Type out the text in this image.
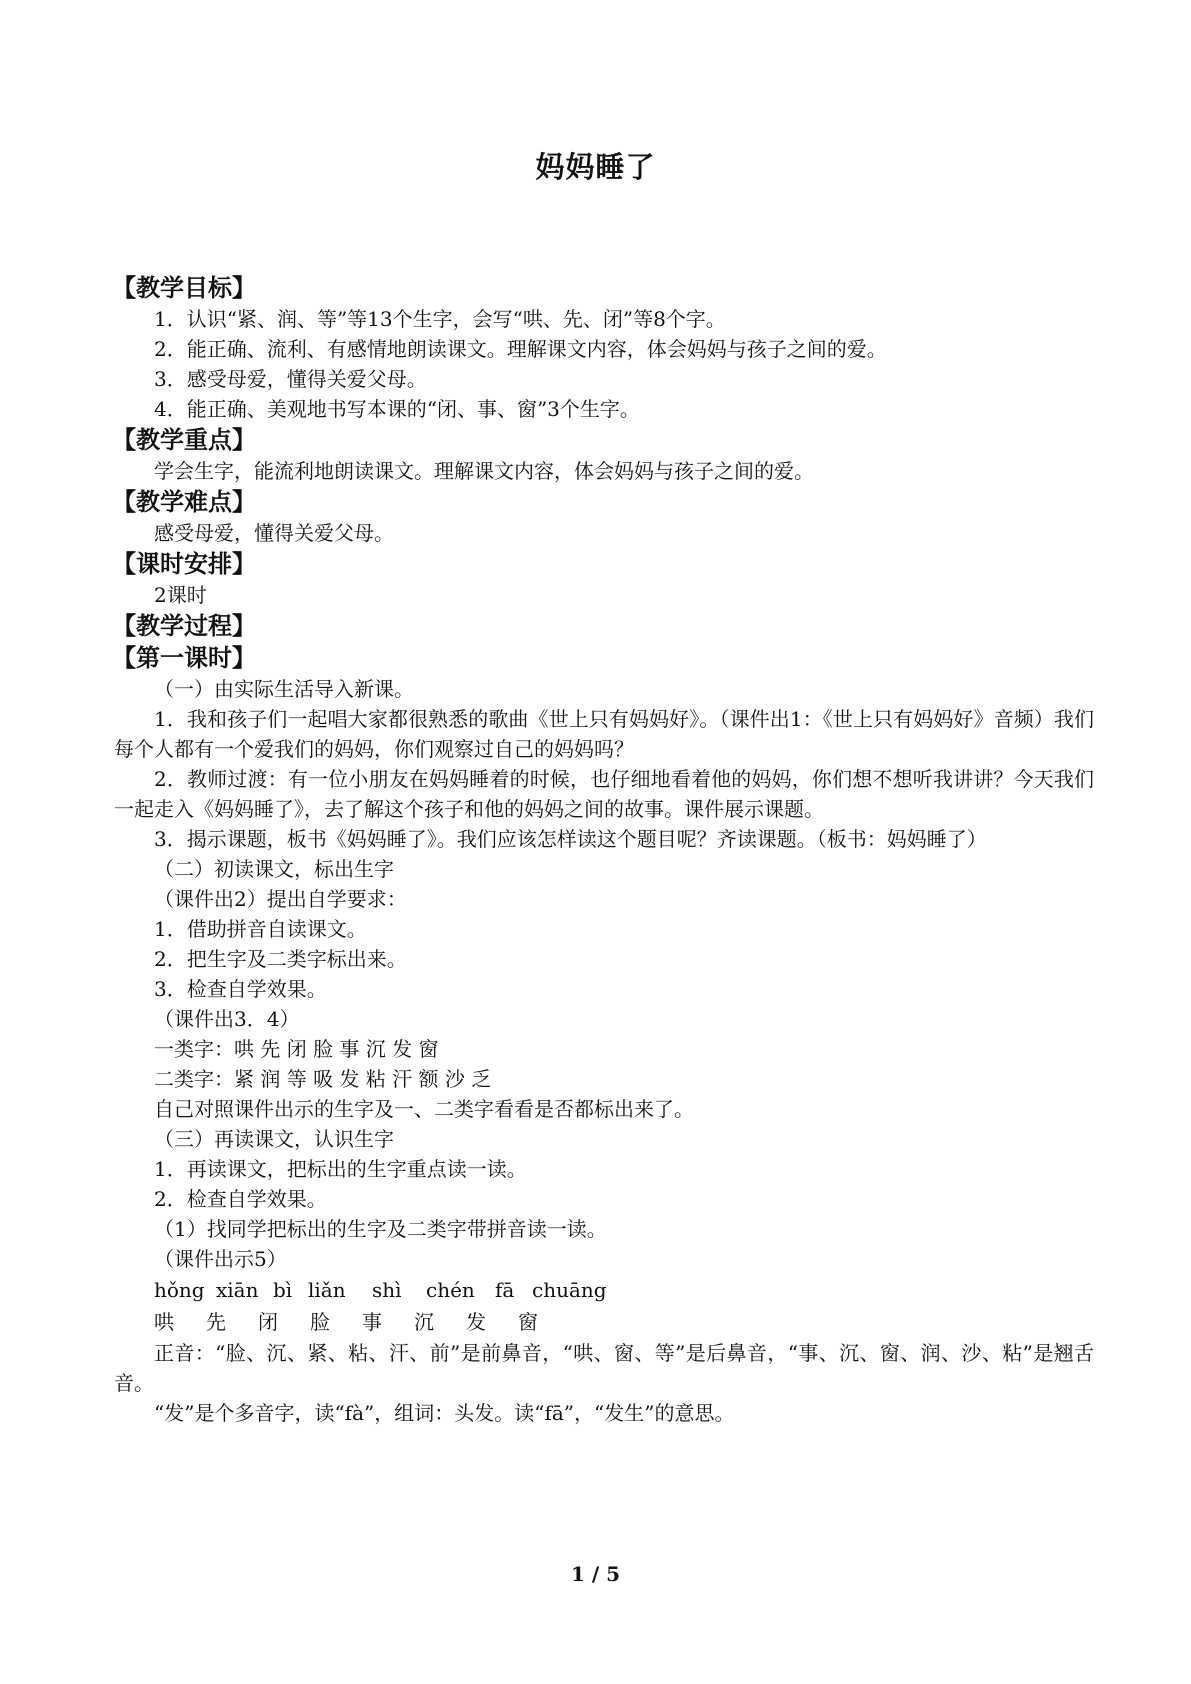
妈妈睡了
【教学目标】
1．认识“紧、润、等”等13个生字，会写“哄、先、闭”等8个字。
2．能正确、流利、有感情地朗读课文。理解课文内容，体会妈妈与孩子之间的爱。
3．感受母爱，懂得关爱父母。
4．能正确、美观地书写本课的“闭、事、窗”3个生字。
【教学重点】
学会生字，能流利地朗读课文。理解课文内容，体会妈妈与孩子之间的爱。
【教学难点】
感受母爱，懂得关爱父母。
【课时安排】
2课时
【教学过程】
【第一课时】
（一）由实际生活导入新课。
1．我和孩子们一起唱大家都很熟悉的歌曲《世上只有妈妈好》。（课件出1：《世上只有妈妈好》音频）我们每个人都有一个爱我们的妈妈，你们观察过自己的妈妈吗？
2．教师过渡：有一位小朋友在妈妈睡着的时候，也仔细地看着他的妈妈，你们想不想听我讲讲？今天我们一起走入《妈妈睡了》，去了解这个孩子和他的妈妈之间的故事。课件展示课题。
3．揭示课题，板书《妈妈睡了》。我们应该怎样读这个题目呢？齐读课题。（板书：妈妈睡了）
（二）初读课文，标出生字
（课件出2）提出自学要求：
1．借助拼音自读课文。
2．把生字及二类字标出来。
3．检查自学效果。
（课件出3．4）
一类字：哄 先 闭 脸 事 沉 发 窗
二类字：紧 润 等 吸 发 粘 汗 额 沙 乏
自己对照课件出示的生字及一、二类字看看是否都标出来了。
（三）再读课文，认识生字
1．再读课文，把标出的生字重点读一读。
2．检查自学效果。
（1）找同学把标出的生字及二类字带拼音读一读。
（课件出示5）
hǒng xiān bì liǎn	shì	chén	fā chuāng
哄	先	闭	脸	事	沉	发	窗
正音：“脸、沉、紧、粘、汗、前”是前鼻音，“哄、窗、等”是后鼻音，“事、沉、窗、润、沙、粘”是翘舌音。
“发”是个多音字，读“fà”，组词：头发。读“fā”，“发生”的意思。
1 / 5
